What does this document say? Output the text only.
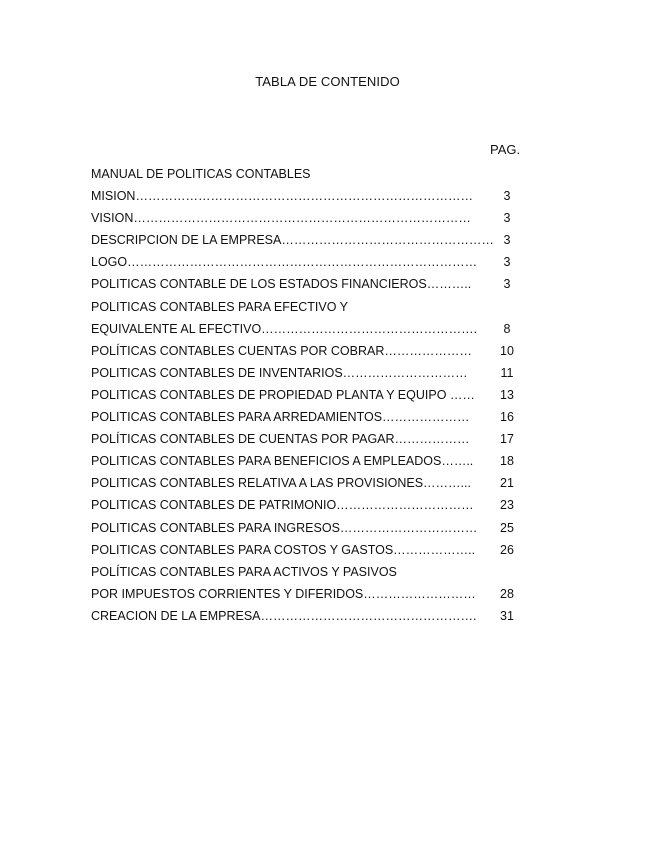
TABLA DE CONTENIDO
PAG.
MANUAL DE POLITICAS CONTABLES
MISION………………………………………………………………………	3
VISION………………………………………………………………………	3
DESCRIPCION DE LA EMPRESA…………………………………………… 3
LOGO…………………………………………………………………………	3
POLITICAS CONTABLE DE LOS ESTADOS FINANCIEROS………..	3
POLITICAS CONTABLES PARA EFECTIVO Y
EQUIVALENTE AL EFECTIVO…………………………………………….	8
POLÍTICAS CONTABLES CUENTAS POR COBRAR…………………	10
POLITICAS CONTABLES DE INVENTARIOS…………………………	11
POLITICAS CONTABLES DE PROPIEDAD PLANTA Y EQUIPO ……	13
POLITICAS CONTABLES PARA ARREDAMIENTOS…………………	16
POLÍTICAS CONTABLES DE CUENTAS POR PAGAR………………	17
POLITICAS CONTABLES PARA BENEFICIOS A EMPLEADOS……..	18
POLITICAS CONTABLES RELATIVA A LAS PROVISIONES………...	21
POLITICAS CONTABLES DE PATRIMONIO……………………………	23
POLITICAS CONTABLES PARA INGRESOS……………………………	25
POLITICAS CONTABLES PARA COSTOS Y GASTOS………………..	26
POLÍTICAS CONTABLES PARA ACTIVOS Y PASIVOS
POR IMPUESTOS CORRIENTES Y DIFERIDOS………………………	28
CREACION DE LA EMPRESA…………………………………………….	31
